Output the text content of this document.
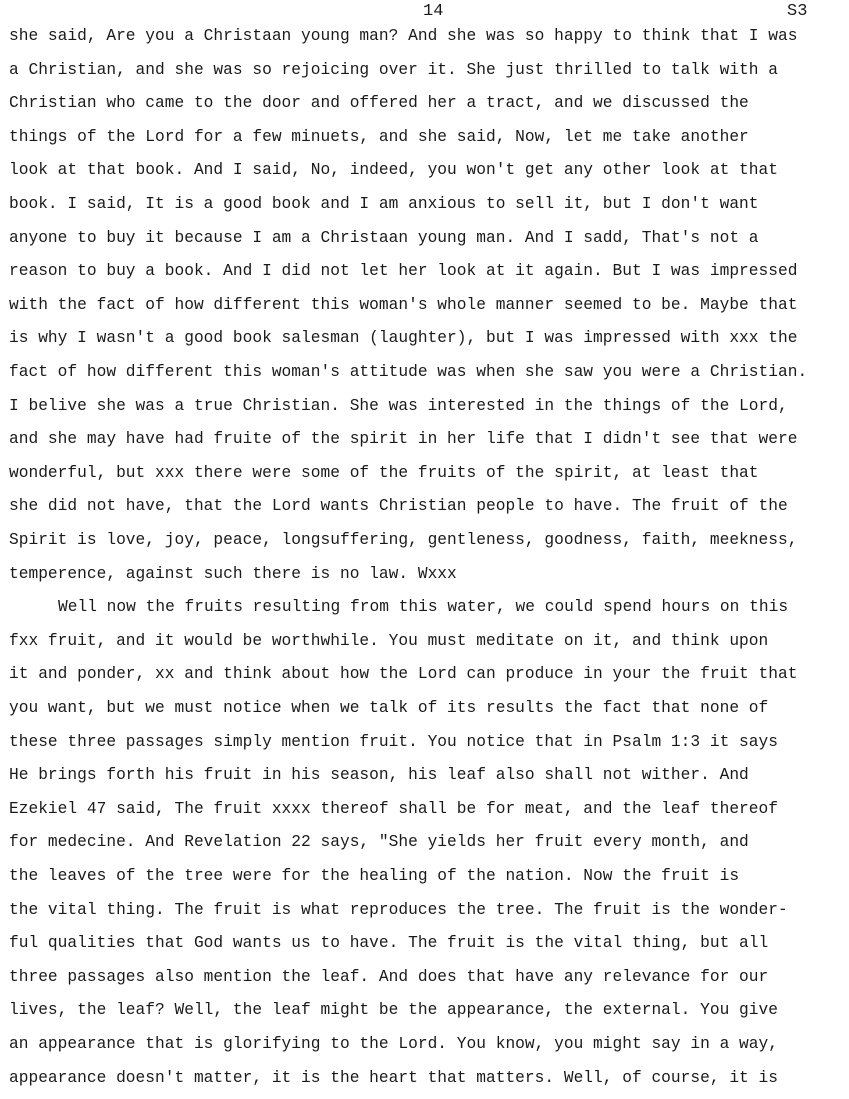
14	S3
she said, Are you a Christaan young man? And she was so happy to think that I was
a Christian, and she was so rejoicing over it. She just thrilled to talk with a
Christian who came to the door and offered her a tract, and we discussed the
things of the Lord for a few minuets, and she said, Now, let me take another
look at that book. And I said, No, indeed, you won't get any other look at that
book. I said, It is a good book and I am anxious to sell it, but I don't want
anyone to buy it because I am a Christaan young man. And I sadd, That's not a
reason to buy a book. And I did not let her look at it again. But I was impressed
with the fact of how different this woman's whole manner seemed to be. Maybe that
is why I wasn't a good book salesman (laughter), but I was impressed with xxx the
fact of how different this woman's attitude was when she saw you were a Christian.
I belive she was a true Christian. She was interested in the things of the Lord,
and she may have had fruite of the spirit in her life that I didn't see that were
wonderful, but xxx there were some of the fruits of the spirit, at least that
she did not have, that the Lord wants Christian people to have. The fruit of the
Spirit is love, joy, peace, longsuffering, gentleness, goodness, faith, meekness,
temperence, against such there is no law. Wxxx
Well now the fruits resulting from this water, we could spend hours on this
fxx fruit, and it would be worthwhile. You must meditate on it, and think upon
it and ponder, xx and think about how the Lord can produce in your the fruit that
you want, but we must notice when we talk of its results the fact that none of
these three passages simply mention fruit. You notice that in Psalm 1:3 it says
He brings forth his fruit in his season, his leaf also shall not wither. And
Ezekiel 47 said, The fruit xxxx thereof shall be for meat, and the leaf thereof
for medecine. And Revelation 22 says, "She yields her fruit every month, and
the leaves of the tree were for the healing of the nation. Now the fruit is
the vital thing. The fruit is what reproduces the tree. The fruit is the wonder-
ful qualities that God wants us to have. The fruit is the vital thing, but all
three passages also mention the leaf. And does that have any relevance for our
lives, the leaf? Well, the leaf might be the appearance, the external. You give
an appearance that is glorifying to the Lord. You know, you might say in a way,
appearance doesn't matter, it is the heart that matters. Well, of course, it is
